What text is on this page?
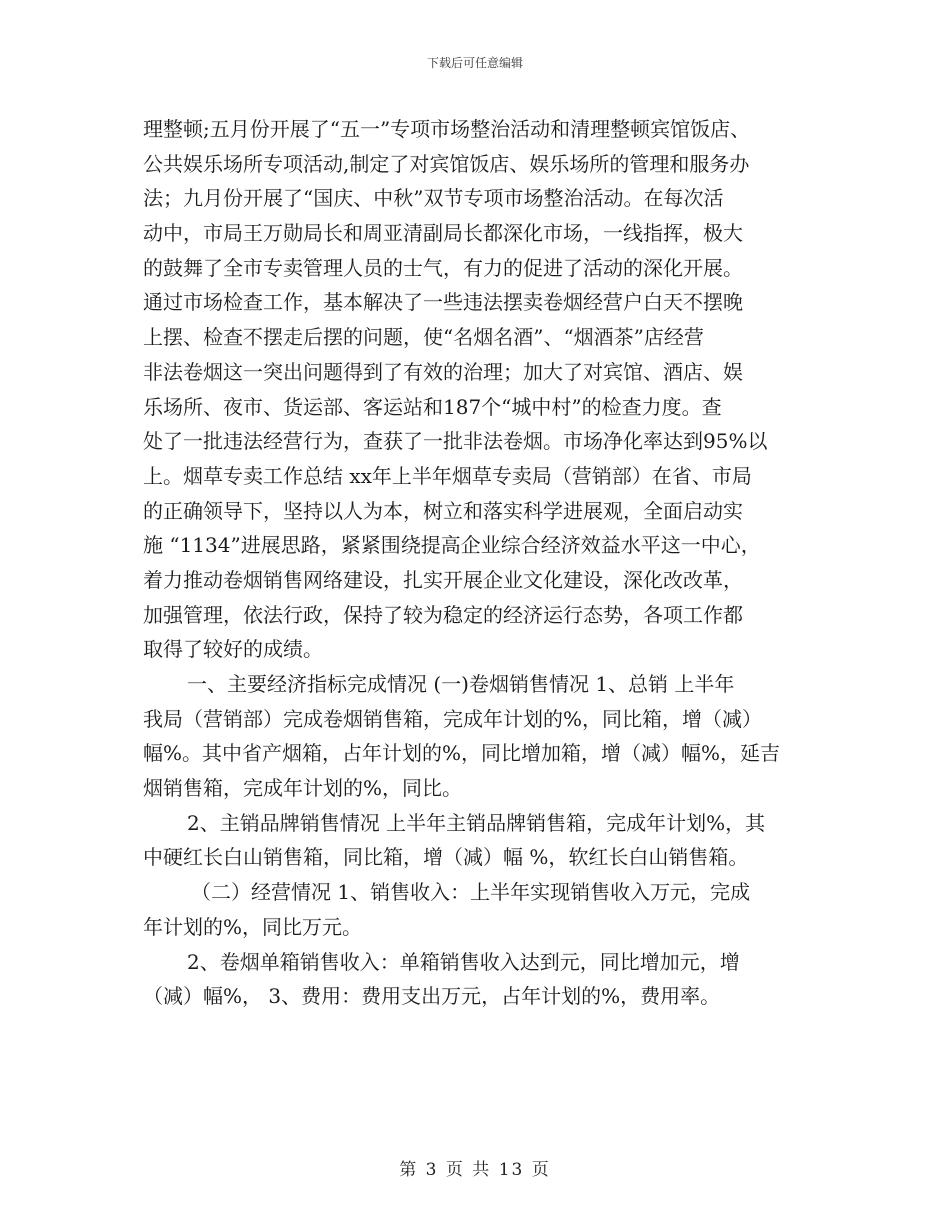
下载后可任意编辑
理整顿;五月份开展了“五一”专项市场整治活动和清理整顿宾馆饭店、
公共娱乐场所专项活动,制定了对宾馆饭店、娱乐场所的管理和服务办
法；九月份开展了“国庆、中秋”双节专项市场整治活动。在每次活
动中，市局王万勋局长和周亚清副局长都深化市场，一线指挥，极大
的鼓舞了全市专卖管理人员的士气，有力的促进了活动的深化开展。
通过市场检查工作，基本解决了一些违法摆卖卷烟经营户白天不摆晚
上摆、检查不摆走后摆的问题，使“名烟名酒”、“烟酒茶”店经营
非法卷烟这一突出问题得到了有效的治理；加大了对宾馆、酒店、娱
乐场所、夜市、货运部、客运站和187个“城中村”的检查力度。查
处了一批违法经营行为，查获了一批非法卷烟。市场净化率达到95%以
上。烟草专卖工作总结 xx年上半年烟草专卖局（营销部）在省、市局
的正确领导下，坚持以人为本，树立和落实科学进展观，全面启动实
施 “1134”进展思路，紧紧围绕提高企业综合经济效益水平这一中心，
着力推动卷烟销售网络建设，扎实开展企业文化建设，深化改改革，
加强管理，依法行政，保持了较为稳定的经济运行态势，各项工作都
取得了较好的成绩。
一、主要经济指标完成情况 (一)卷烟销售情况 1、总销 上半年
我局（营销部）完成卷烟销售箱，完成年计划的%，同比箱，增（减）
幅%。其中省产烟箱，占年计划的%，同比增加箱，增（减）幅%，延吉
烟销售箱，完成年计划的%，同比。
2、主销品牌销售情况 上半年主销品牌销售箱，完成年计划%，其
中硬红长白山销售箱，同比箱，增（减）幅 %，软红长白山销售箱。
（二）经营情况 1、销售收入：上半年实现销售收入万元，完成
年计划的%，同比万元。
2、卷烟单箱销售收入：单箱销售收入达到元，同比增加元，增
（减）幅%， 3、费用：费用支出万元，占年计划的%，费用率。
第 3 页 共 13 页
